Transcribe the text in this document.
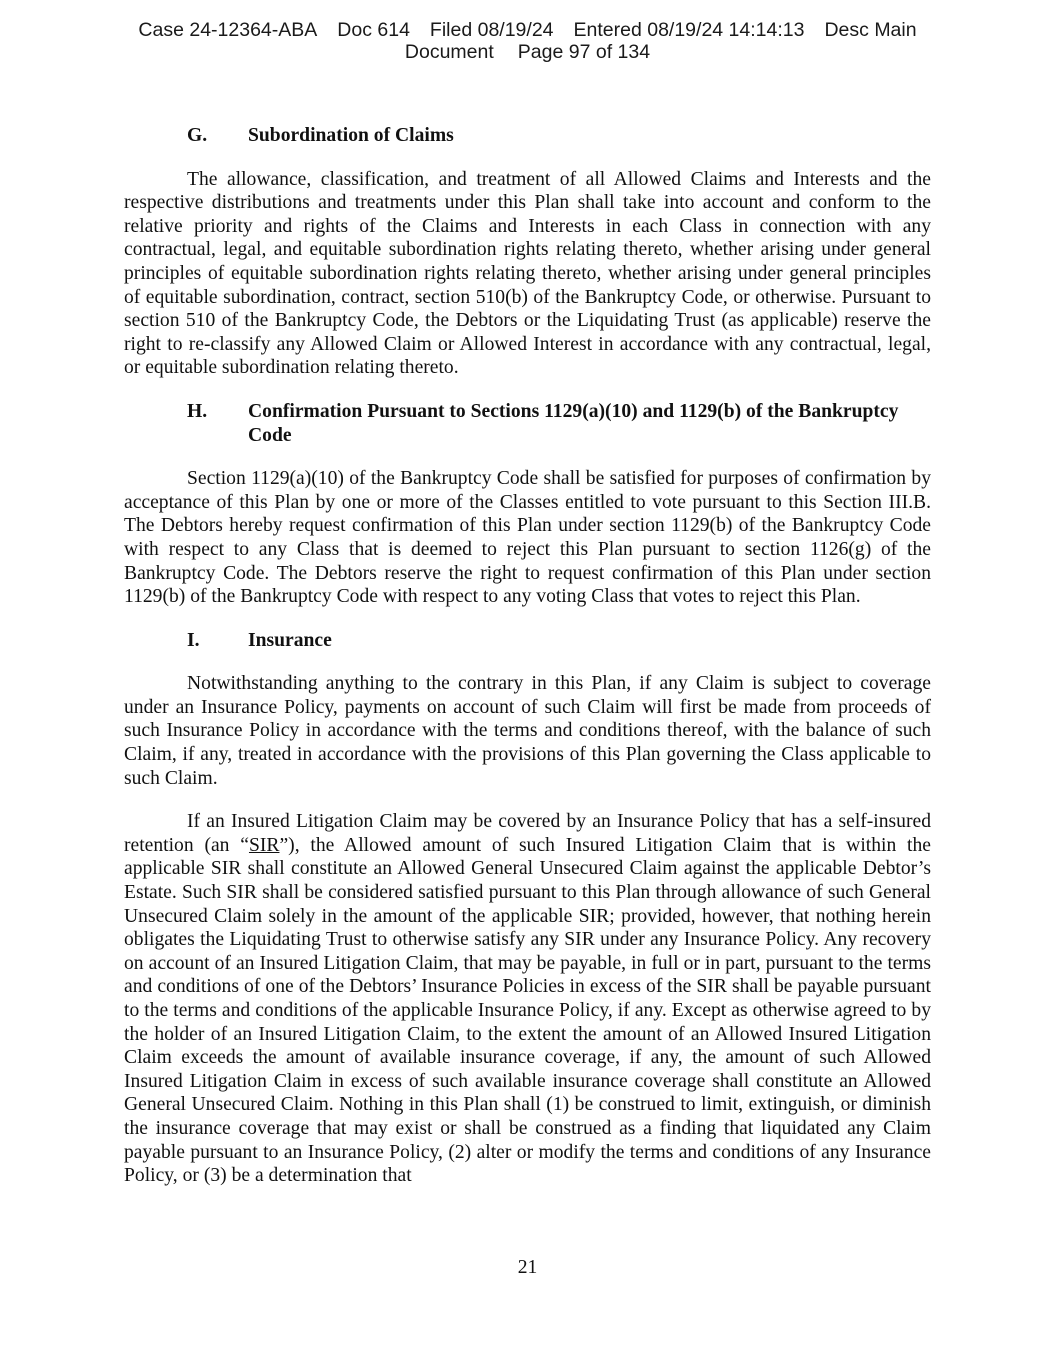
Case 24-12364-ABA Doc 614 Filed 08/19/24 Entered 08/19/24 14:14:13 Desc Main
Document Page 97 of 134
G.	Subordination of Claims

The allowance, classification, and treatment of all Allowed Claims and Interests and the respective distributions and treatments under this Plan shall take into account and conform to the relative priority and rights of the Claims and Interests in each Class in connection with any contractual, legal, and equitable subordination rights relating thereto, whether arising under general principles of equitable subordination rights relating thereto, whether arising under general principles of equitable subordination, contract, section 510(b) of the Bankruptcy Code, or otherwise. Pursuant to section 510 of the Bankruptcy Code, the Debtors or the Liquidating Trust (as applicable) reserve the right to re-classify any Allowed Claim or Allowed Interest in accordance with any contractual, legal, or equitable subordination relating thereto.

H.	Confirmation Pursuant to Sections 1129(a)(10) and 1129(b) of the Bankruptcy Code

Section 1129(a)(10) of the Bankruptcy Code shall be satisfied for purposes of confirmation by acceptance of this Plan by one or more of the Classes entitled to vote pursuant to this Section III.B. The Debtors hereby request confirmation of this Plan under section 1129(b) of the Bankruptcy Code with respect to any Class that is deemed to reject this Plan pursuant to section 1126(g) of the Bankruptcy Code. The Debtors reserve the right to request confirmation of this Plan under section 1129(b) of the Bankruptcy Code with respect to any voting Class that votes to reject this Plan.

I.	Insurance

Notwithstanding anything to the contrary in this Plan, if any Claim is subject to coverage under an Insurance Policy, payments on account of such Claim will first be made from proceeds of such Insurance Policy in accordance with the terms and conditions thereof, with the balance of such Claim, if any, treated in accordance with the provisions of this Plan governing the Class applicable to such Claim.

If an Insured Litigation Claim may be covered by an Insurance Policy that has a self-insured retention (an “SIR”), the Allowed amount of such Insured Litigation Claim that is within the applicable SIR shall constitute an Allowed General Unsecured Claim against the applicable Debtor’s Estate. Such SIR shall be considered satisfied pursuant to this Plan through allowance of such General Unsecured Claim solely in the amount of the applicable SIR; provided, however, that nothing herein obligates the Liquidating Trust to otherwise satisfy any SIR under any Insurance Policy. Any recovery on account of an Insured Litigation Claim, that may be payable, in full or in part, pursuant to the terms and conditions of one of the Debtors’ Insurance Policies in excess of the SIR shall be payable pursuant to the terms and conditions of the applicable Insurance Policy, if any. Except as otherwise agreed to by the holder of an Insured Litigation Claim, to the extent the amount of an Allowed Insured Litigation Claim exceeds the amount of available insurance coverage, if any, the amount of such Allowed Insured Litigation Claim in excess of such available insurance coverage shall constitute an Allowed General Unsecured Claim. Nothing in this Plan shall (1) be construed to limit, extinguish, or diminish the insurance coverage that may exist or shall be construed as a finding that liquidated any Claim payable pursuant to an Insurance Policy, (2) alter or modify the terms and conditions of any Insurance Policy, or (3) be a determination that

21
